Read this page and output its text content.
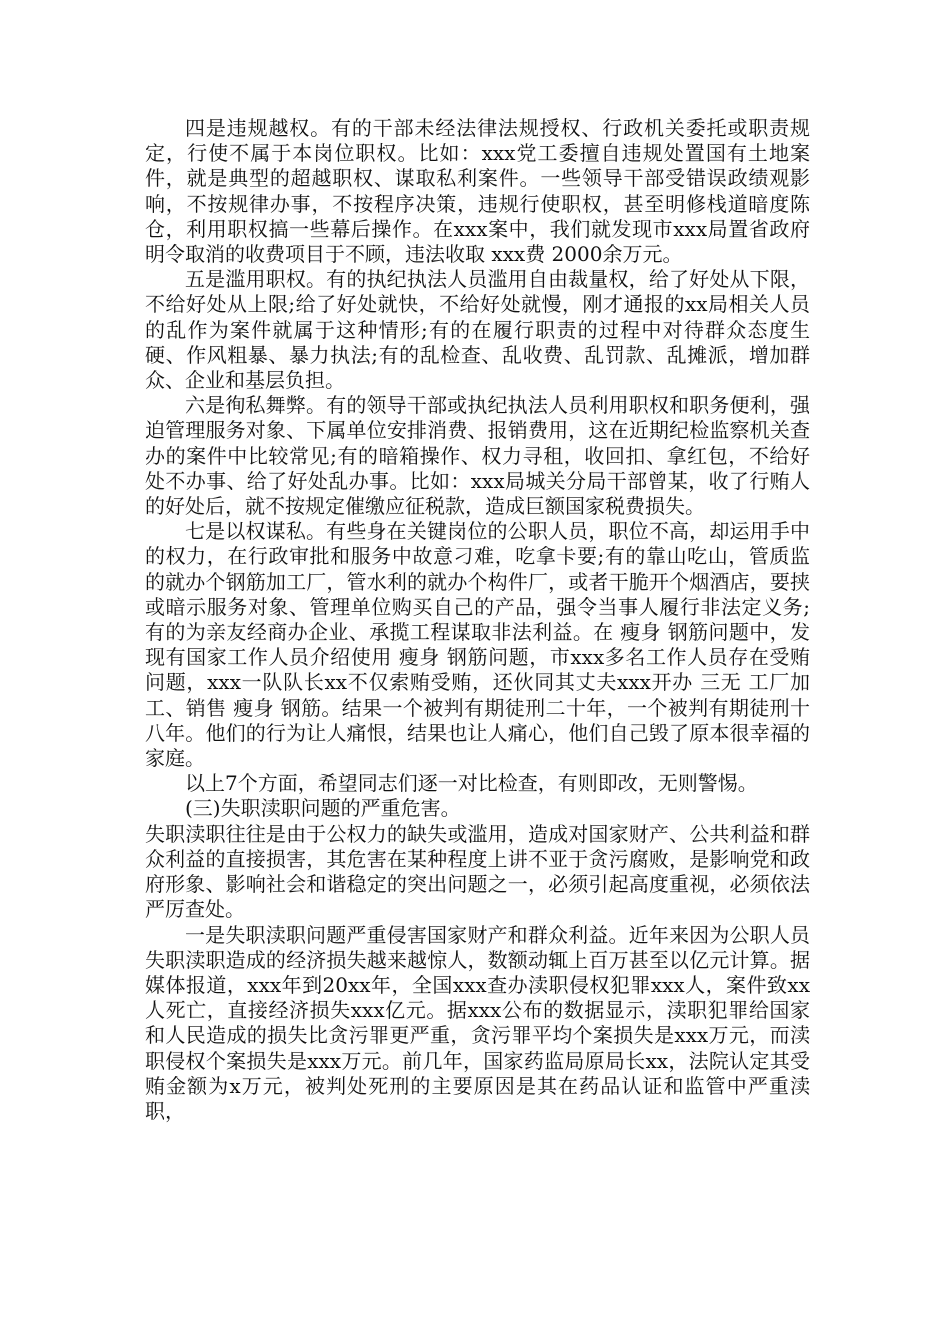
四是违规越权。有的干部未经法律法规授权、行政机关委托或职责规定，行使不属于本岗位职权。比如：xxx党工委擅自违规处置国有土地案件，就是典型的超越职权、谋取私利案件。一些领导干部受错误政绩观影响，不按规律办事，不按程序决策，违规行使职权，甚至明修栈道暗度陈仓，利用职权搞一些幕后操作。在xxx案中，我们就发现市xxx局置省政府明令取消的收费项目于不顾，违法收取 xxx费 2000余万元。

五是滥用职权。有的执纪执法人员滥用自由裁量权，给了好处从下限，不给好处从上限;给了好处就快，不给好处就慢，刚才通报的xx局相关人员的乱作为案件就属于这种情形;有的在履行职责的过程中对待群众态度生硬、作风粗暴、暴力执法;有的乱检查、乱收费、乱罚款、乱摊派，增加群众、企业和基层负担。

六是徇私舞弊。有的领导干部或执纪执法人员利用职权和职务便利，强迫管理服务对象、下属单位安排消费、报销费用，这在近期纪检监察机关查办的案件中比较常见;有的暗箱操作、权力寻租，收回扣、拿红包，不给好处不办事、给了好处乱办事。比如：xxx局城关分局干部曾某，收了行贿人的好处后，就不按规定催缴应征税款，造成巨额国家税费损失。

七是以权谋私。有些身在关键岗位的公职人员，职位不高，却运用手中的权力，在行政审批和服务中故意刁难，吃拿卡要;有的靠山吃山，管质监的就办个钢筋加工厂，管水利的就办个构件厂，或者干脆开个烟酒店，要挟或暗示服务对象、管理单位购买自己的产品，强令当事人履行非法定义务;有的为亲友经商办企业、承揽工程谋取非法利益。在 瘦身 钢筋问题中，发现有国家工作人员介绍使用 瘦身 钢筋问题，市xxx多名工作人员存在受贿问题，xxx一队队长xx不仅索贿受贿，还伙同其丈夫xxx开办 三无 工厂加工、销售 瘦身 钢筋。结果一个被判有期徒刑二十年，一个被判有期徒刑十八年。他们的行为让人痛恨，结果也让人痛心，他们自己毁了原本很幸福的家庭。

以上7个方面，希望同志们逐一对比检查，有则即改，无则警惕。

(三)失职渎职问题的严重危害。

失职渎职往往是由于公权力的缺失或滥用，造成对国家财产、公共利益和群众利益的直接损害，其危害在某种程度上讲不亚于贪污腐败，是影响党和政府形象、影响社会和谐稳定的突出问题之一，必须引起高度重视，必须依法严厉查处。

一是失职渎职问题严重侵害国家财产和群众利益。近年来因为公职人员失职渎职造成的经济损失越来越惊人，数额动辄上百万甚至以亿元计算。据媒体报道，xxx年到20xx年，全国xxx查办渎职侵权犯罪xxx人，案件致xx人死亡，直接经济损失xxx亿元。据xxx公布的数据显示，渎职犯罪给国家和人民造成的损失比贪污罪更严重，贪污罪平均个案损失是xxx万元，而渎职侵权个案损失是xxx万元。前几年，国家药监局原局长xx，法院认定其受贿金额为x万元，被判处死刑的主要原因是其在药品认证和监管中严重渎职，
